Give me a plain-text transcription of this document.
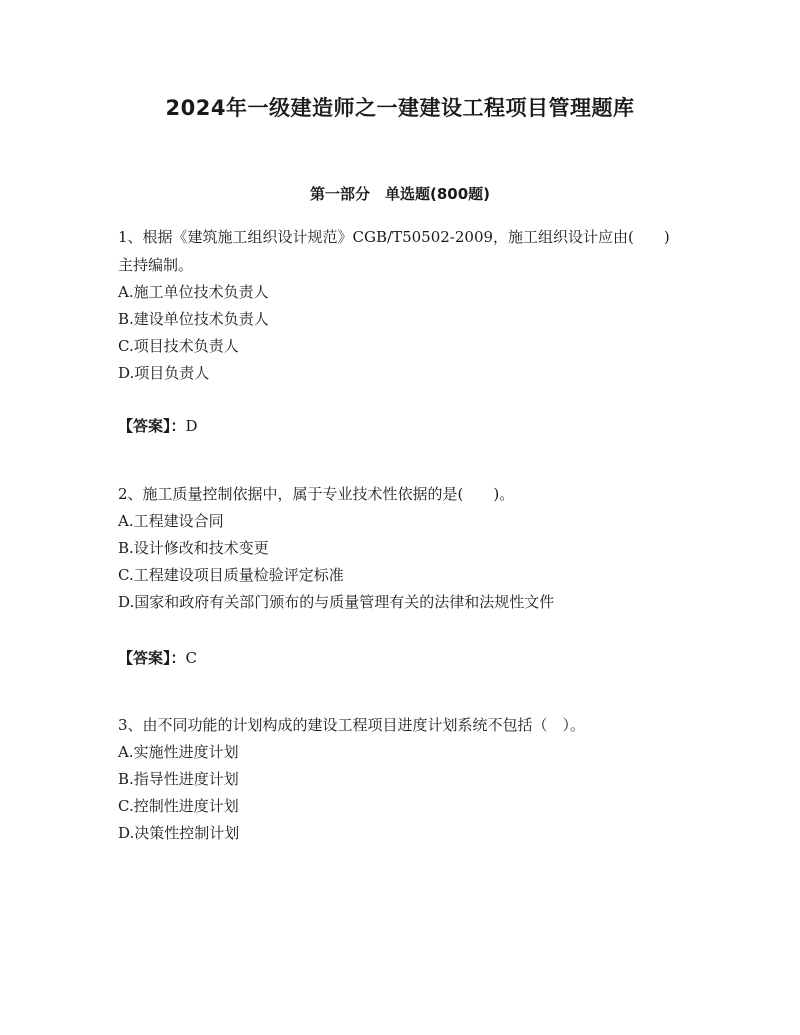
2024年一级建造师之一建建设工程项目管理题库
第一部分　单选题(800题)

1、根据《建筑施工组织设计规范》CGB/T50502-2009，施工组织设计应由(　　)主持编制。

A.施工单位技术负责人

B.建设单位技术负责人

C.项目技术负责人

D.项目负责人

【答案】：D

2、施工质量控制依据中，属于专业技术性依据的是(　　)。

A.工程建设合同

B.设计修改和技术变更

C.工程建设项目质量检验评定标准

D.国家和政府有关部门颁布的与质量管理有关的法律和法规性文件

【答案】：C

3、由不同功能的计划构成的建设工程项目进度计划系统不包括（　）。

A.实施性进度计划

B.指导性进度计划

C.控制性进度计划

D.决策性控制计划
